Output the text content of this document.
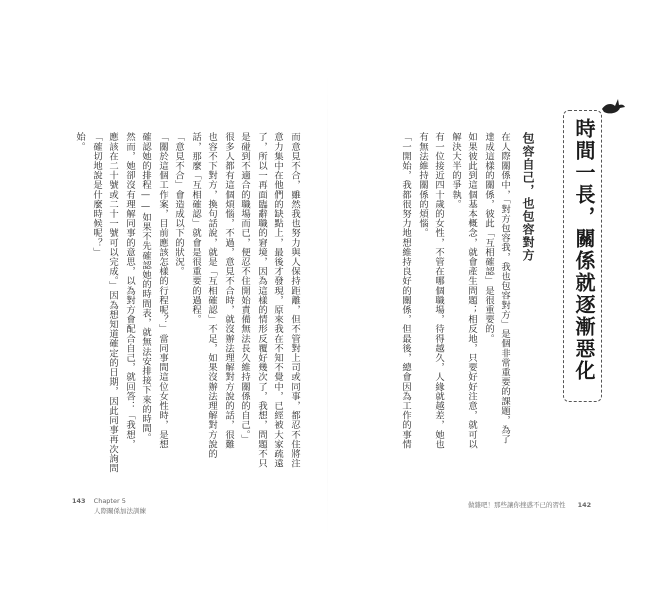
時間一長，關係就逐漸惡化
包容自己，也包容對方
在人際關係中，「對方包容我，我也包容對方」是個非常重要的課題，為了
達成這樣的關係，彼此「互相確認」是很重要的。
如果彼此到這個基本概念，就會產生問題；相反地，只要好好注意，就可以
解決大半的爭執。
有一位接近四十歲的女性，不管在哪個職場，待得越久，人緣就越差，她也
有無法維持關係的煩惱。
「一開始，我都很努力地想維持良好的關係，但最後，總會因為工作的事情
做雜吧！那些讓你挫惑不已的習性 142
而意見不合，雖然我也努力與人保持距離，但不管對上司或同事，都忍不住將注
意力集中在他們的缺點上，最後才發現，原來我在不知不覺中，已經被大家疏遠
了，所以一再面臨辭職的窘境，因為這樣的情形反覆好幾次了，我想，問題不只
是碰到不適合的職場而已，便忍不住開始責備無法長久維持關係的自己。」
很多人都有這個煩惱，不過，意見不合時，就沒辦法理解對方說的話，很難
也容不下對方，換句話說，就是「互相確認」不足，如果沒辦法理解對方說的
話，那麼「互相確認」就會是很重要的過程。
「意見不合」會造成以下的狀況。
「關於這個工作案，目前應該怎樣的行程呢？」當同事間這位女性時，是想
確認她的排程——如果不先確認她的時間表，就無法安排接下來的時間。
然而，她卻沒有理解同事的意思，以為對方會配合自己，就回答：「我想，
應該在二十號或二十一號可以完成。」因為想知道確定的日期，因此同事再次詢問
「確切地說是什麼時候呢？」
始。
143 Chapter 5
人際關係加法訓練
